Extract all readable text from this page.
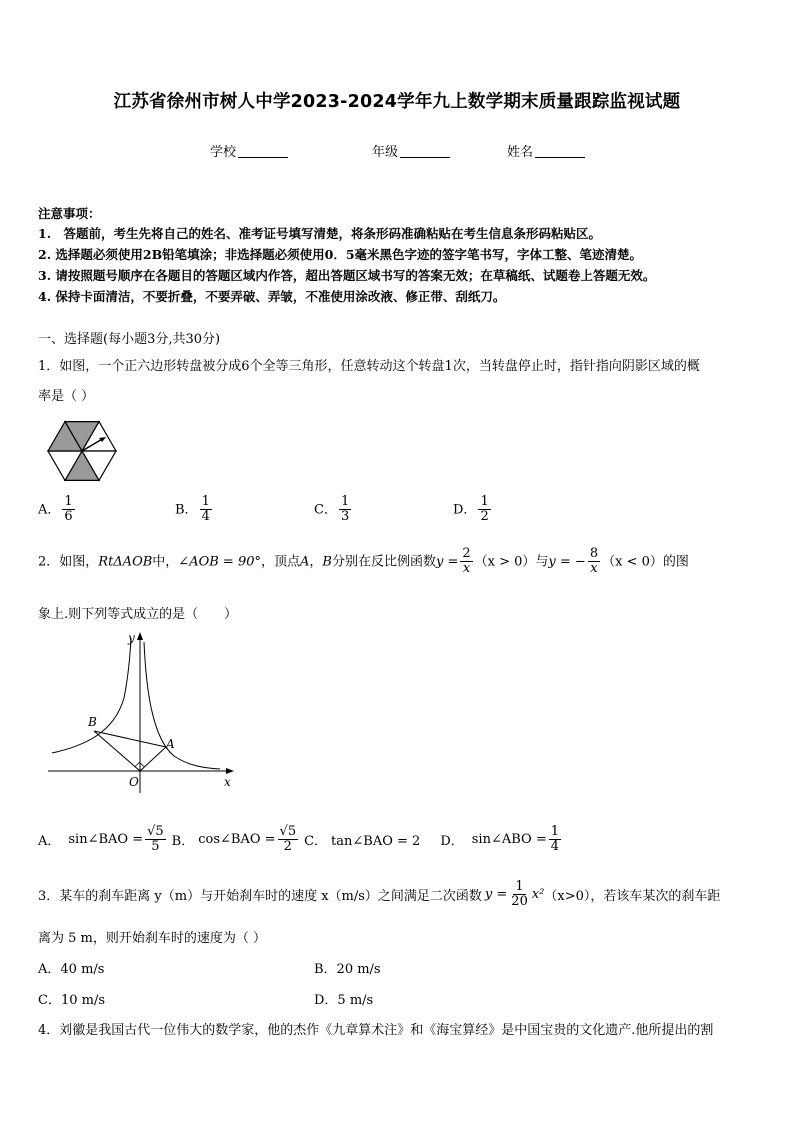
江苏省徐州市树人中学2023-2024学年九上数学期末质量跟踪监视试题
学校	年级	姓名
注意事项：
1.　答题前，考生先将自己的姓名、准考证号填写清楚，将条形码准确粘贴在考生信息条形码粘贴区。
2. 选择题必须使用2B铅笔填涂；非选择题必须使用0．5毫米黑色字迹的签字笔书写，字体工整、笔迹清楚。
3. 请按照题号顺序在各题目的答题区域内作答，超出答题区域书写的答案无效；在草稿纸、试题卷上答题无效。
4. 保持卡面清洁，不要折叠，不要弄破、弄皱，不准使用涂改液、修正带、刮纸刀。
一、选择题(每小题3分,共30分)
1．如图，一个正六边形转盘被分成6个全等三角形，任意转动这个转盘1次，当转盘停止时，指针指向阴影区域的概
率是（ ）
A． $\frac{1}{6}$	B． $\frac{1}{4}$	C． $\frac{1}{3}$	D． $\frac{1}{2}$
2．如图，RtΔAOB中，∠AOB = 90°，顶点A，B分别在反比例函数$y = \frac{2}{x} (x > 0)$与y = − $\frac{8}{x} (x < 0)$的图
象上.则下列等式成立的是（　　）
y
x
O
B
A
A． sin∠BAO = $\frac{√5}{5}$ B． cos∠BAO = $\frac{√5}{2}$ C． tan∠BAO = 2 D． sin∠ABO = $\frac{1}{4}$
3．某车的刹车距离 y（m）与开始刹车时的速度 x（m/s）之间满足二次函数 $y = \frac{1}{20} x^2$ （x>0），若该车某次的刹车距
离为 5 m，则开始刹车时的速度为（ ）
A．40 m/s	B．20 m/s
C．10 m/s	D．5 m/s
4．刘徽是我国古代一位伟大的数学家，他的杰作《九章算术注》和《海宝算经》是中国宝贵的文化遗产.他所提出的割
